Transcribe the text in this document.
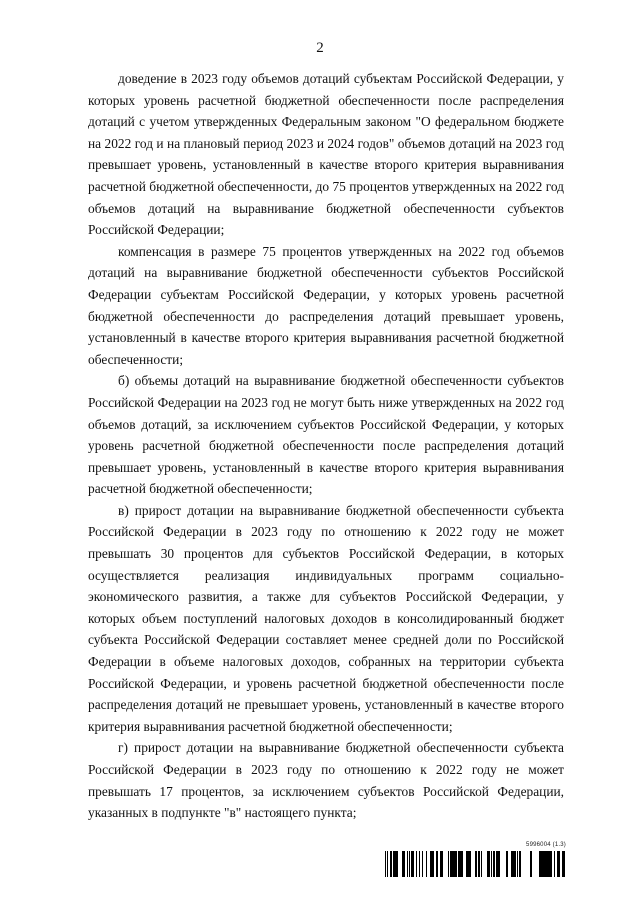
2

доведение в 2023 году объемов дотаций субъектам Российской Федерации, у которых уровень расчетной бюджетной обеспеченности после распределения дотаций с учетом утвержденных Федеральным законом "О федеральном бюджете на 2022 год и на плановый период 2023 и 2024 годов" объемов дотаций на 2023 год превышает уровень, установленный в качестве второго критерия выравнивания расчетной бюджетной обеспеченности, до 75 процентов утвержденных на 2022 год объемов дотаций на выравнивание бюджетной обеспеченности субъектов Российской Федерации;

компенсация в размере 75 процентов утвержденных на 2022 год объемов дотаций на выравнивание бюджетной обеспеченности субъектов Российской Федерации субъектам Российской Федерации, у которых уровень расчетной бюджетной обеспеченности до распределения дотаций превышает уровень, установленный в качестве второго критерия выравнивания расчетной бюджетной обеспеченности;

б) объемы дотаций на выравнивание бюджетной обеспеченности субъектов Российской Федерации на 2023 год не могут быть ниже утвержденных на 2022 год объемов дотаций, за исключением субъектов Российской Федерации, у которых уровень расчетной бюджетной обеспеченности после распределения дотаций превышает уровень, установленный в качестве второго критерия выравнивания расчетной бюджетной обеспеченности;

в) прирост дотации на выравнивание бюджетной обеспеченности субъекта Российской Федерации в 2023 году по отношению к 2022 году не может превышать 30 процентов для субъектов Российской Федерации, в которых осуществляется реализация индивидуальных программ социально-экономического развития, а также для субъектов Российской Федерации, у которых объем поступлений налоговых доходов в консолидированный бюджет субъекта Российской Федерации составляет менее средней доли по Российской Федерации в объеме налоговых доходов, собранных на территории субъекта Российской Федерации, и уровень расчетной бюджетной обеспеченности после распределения дотаций не превышает уровень, установленный в качестве второго критерия выравнивания расчетной бюджетной обеспеченности;

г) прирост дотации на выравнивание бюджетной обеспеченности субъекта Российской Федерации в 2023 году по отношению к 2022 году не может превышать 17 процентов, за исключением субъектов Российской Федерации, указанных в подпункте "в" настоящего пункта;

5996004 (1.3)
